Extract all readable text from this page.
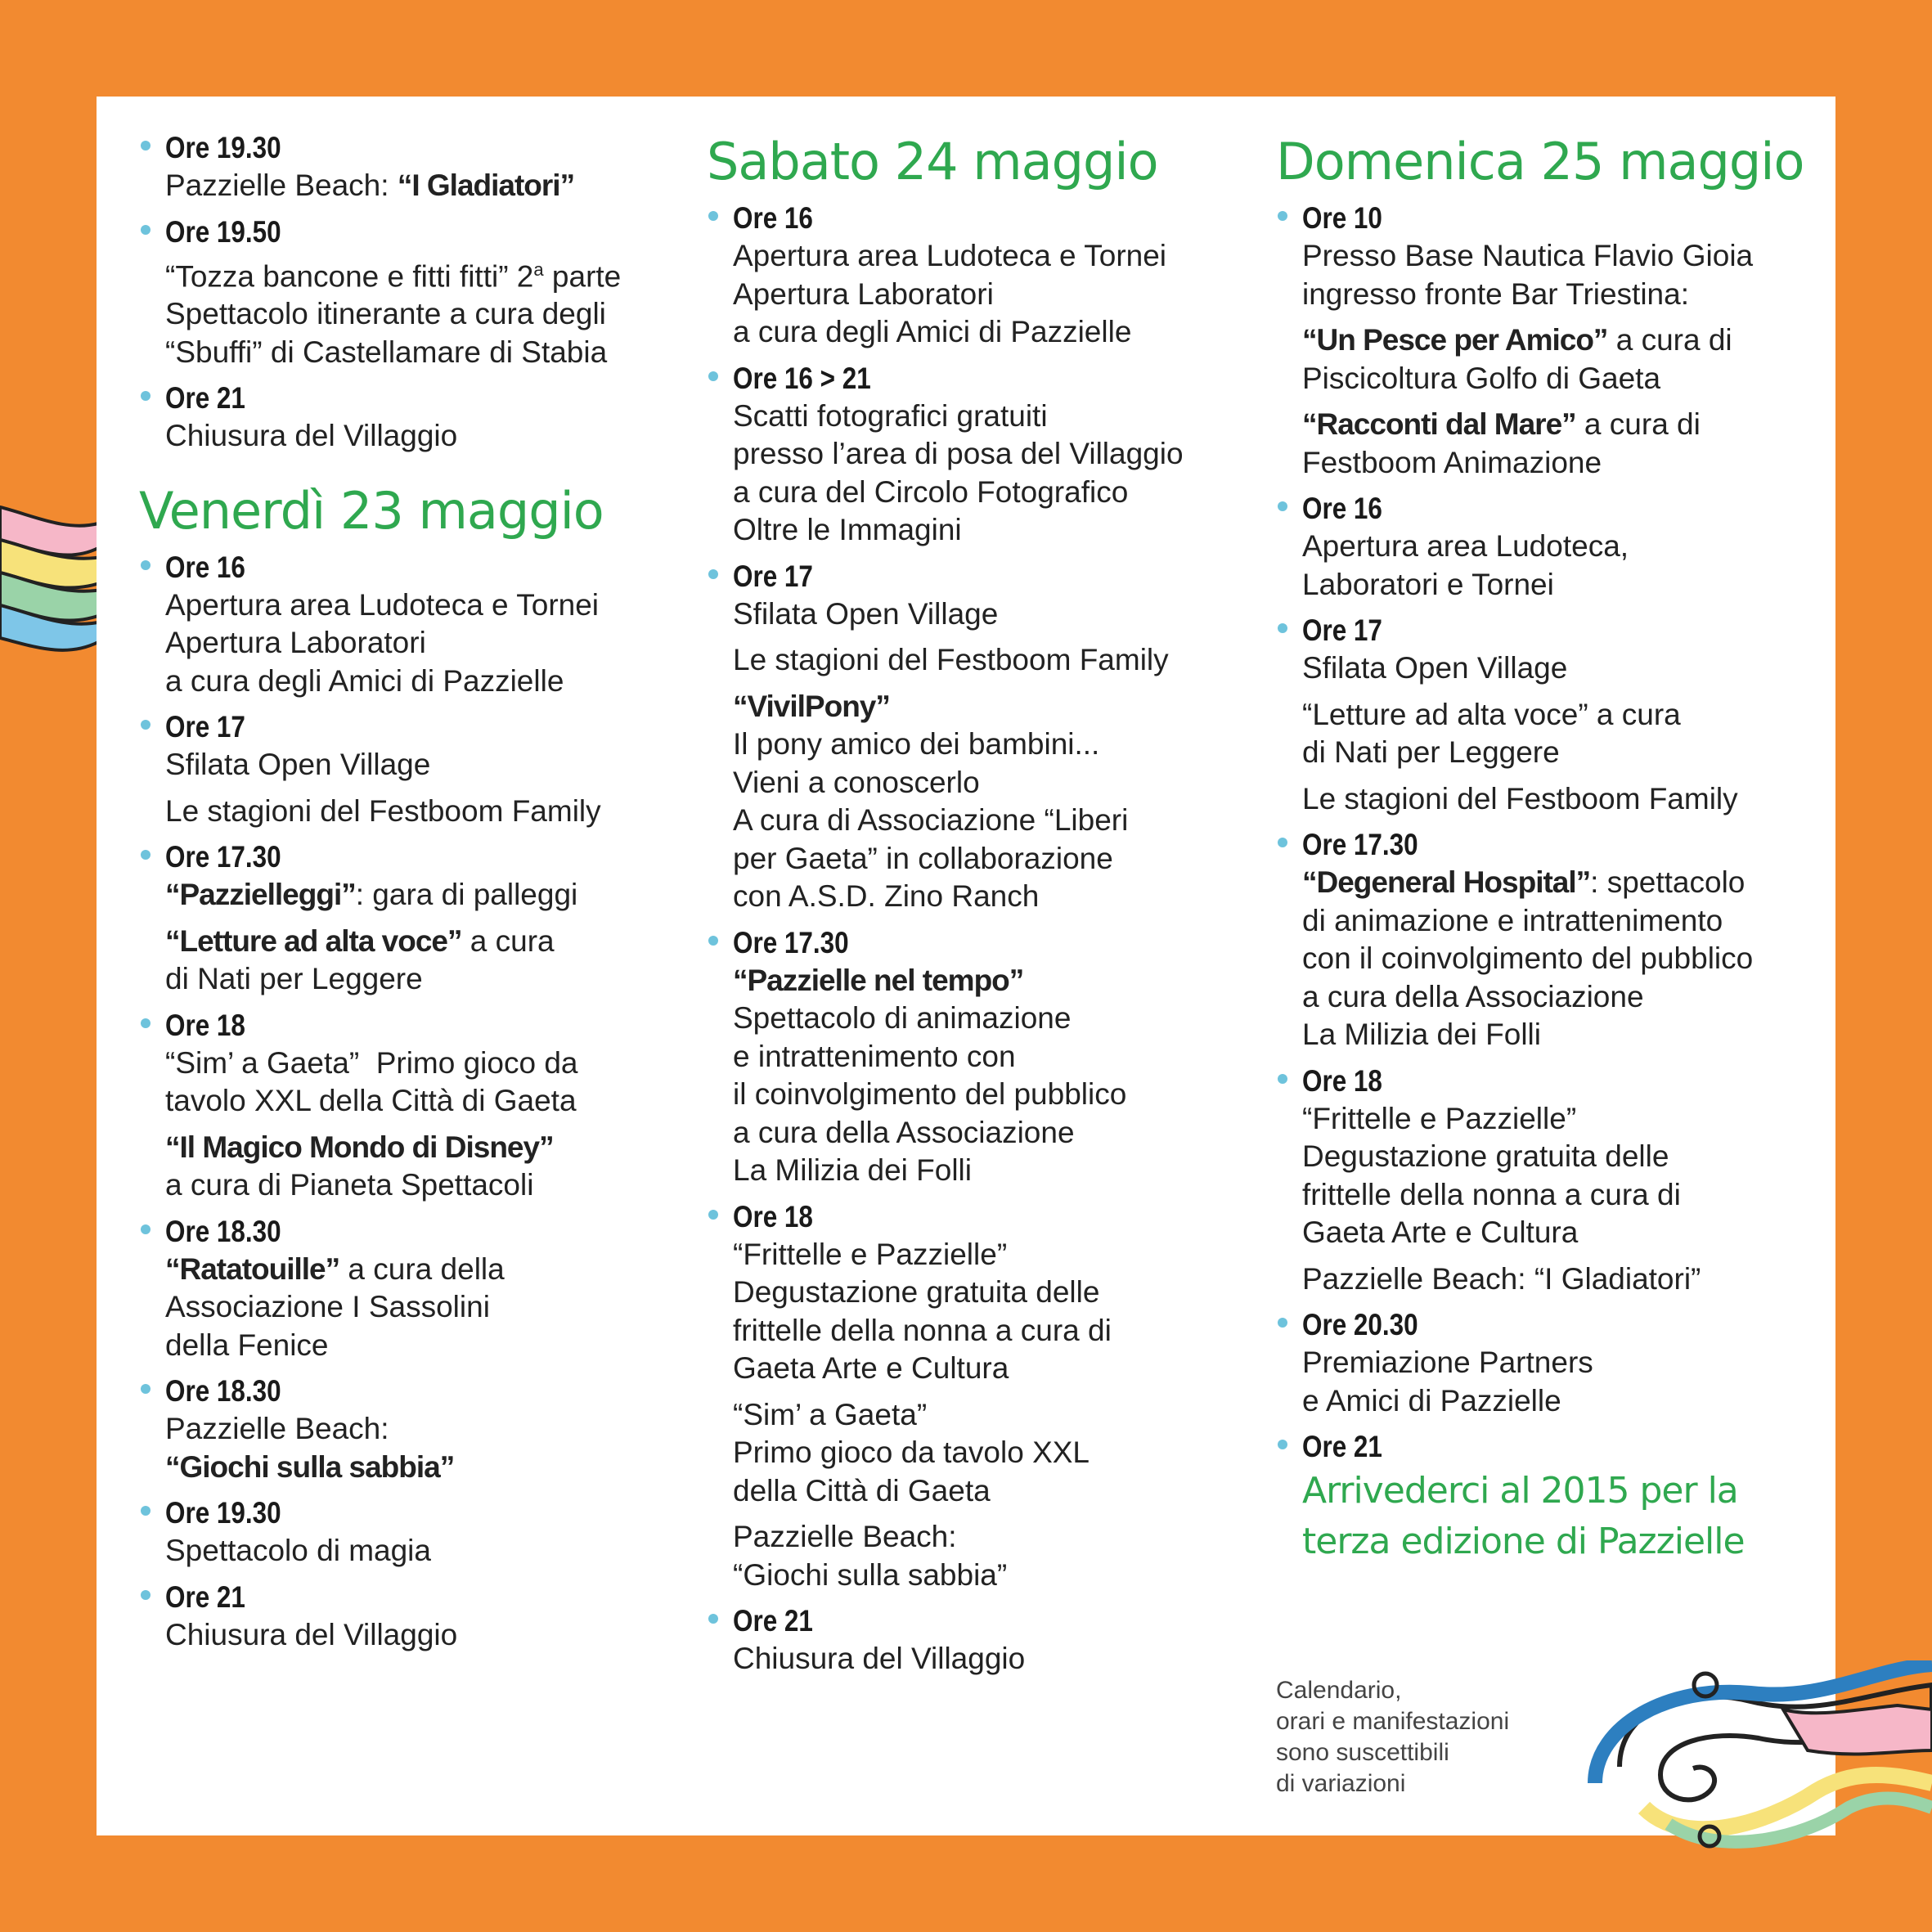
Ore 19.30
Pazzielle Beach: “I Gladiatori”
Ore 19.50
“Tozza bancone e fitti fitti” 2$^a$ parte
Spettacolo itinerante a cura degli
“Sbuffi” di Castellamare di Stabia
Ore 21
Chiusura del Villaggio
Venerdì 23 maggio
Ore 16
Apertura area Ludoteca e Tornei
Apertura Laboratori
a cura degli Amici di Pazzielle
Ore 17
Sfilata Open Village
Le stagioni del Festboom Family
Ore 17.30
“Pazzielleggi”: gara di palleggi
“Letture ad alta voce” a cura
di Nati per Leggere
Ore 18
“Sim’ a Gaeta”  Primo gioco da
tavolo XXL della Città di Gaeta
“Il Magico Mondo di Disney”
a cura di Pianeta Spettacoli
Ore 18.30
“Ratatouille” a cura della
Associazione I Sassolini
della Fenice
Ore 18.30
Pazzielle Beach:
“Giochi sulla sabbia”
Ore 19.30
Spettacolo di magia
Ore 21
Chiusura del Villaggio
Sabato 24 maggio
Ore 16
Apertura area Ludoteca e Tornei
Apertura Laboratori
a cura degli Amici di Pazzielle
Ore 16 > 21
Scatti fotografici gratuiti
presso l’area di posa del Villaggio
a cura del Circolo Fotografico
Oltre le Immagini
Ore 17
Sfilata Open Village
Le stagioni del Festboom Family
“VivilPony”
Il pony amico dei bambini...
Vieni a conoscerlo
A cura di Associazione “Liberi
per Gaeta” in collaborazione
con A.S.D. Zino Ranch
Ore 17.30
“Pazzielle nel tempo”
Spettacolo di animazione
e intrattenimento con
il coinvolgimento del pubblico
a cura della Associazione
La Milizia dei Folli
Ore 18
“Frittelle e Pazzielle”
Degustazione gratuita delle
frittelle della nonna a cura di
Gaeta Arte e Cultura
“Sim’ a Gaeta”
Primo gioco da tavolo XXL
della Città di Gaeta
Pazzielle Beach:
“Giochi sulla sabbia”
Ore 21
Chiusura del Villaggio
Domenica 25 maggio
Ore 10
Presso Base Nautica Flavio Gioia
ingresso fronte Bar Triestina:
“Un Pesce per Amico” a cura di
Piscicoltura Golfo di Gaeta
“Racconti dal Mare” a cura di
Festboom Animazione
Ore 16
Apertura area Ludoteca,
Laboratori e Tornei
Ore 17
Sfilata Open Village
“Letture ad alta voce” a cura
di Nati per Leggere
Le stagioni del Festboom Family
Ore 17.30
“Degeneral Hospital”: spettacolo
di animazione e intrattenimento
con il coinvolgimento del pubblico
a cura della Associazione
La Milizia dei Folli
Ore 18
“Frittelle e Pazzielle”
Degustazione gratuita delle
frittelle della nonna a cura di
Gaeta Arte e Cultura
Pazzielle Beach: “I Gladiatori”
Ore 20.30
Premiazione Partners
e Amici di Pazzielle
Ore 21
Arrivederci al 2015 per la
terza edizione di Pazzielle
Calendario,
orari e manifestazioni
sono suscettibili
di variazioni
